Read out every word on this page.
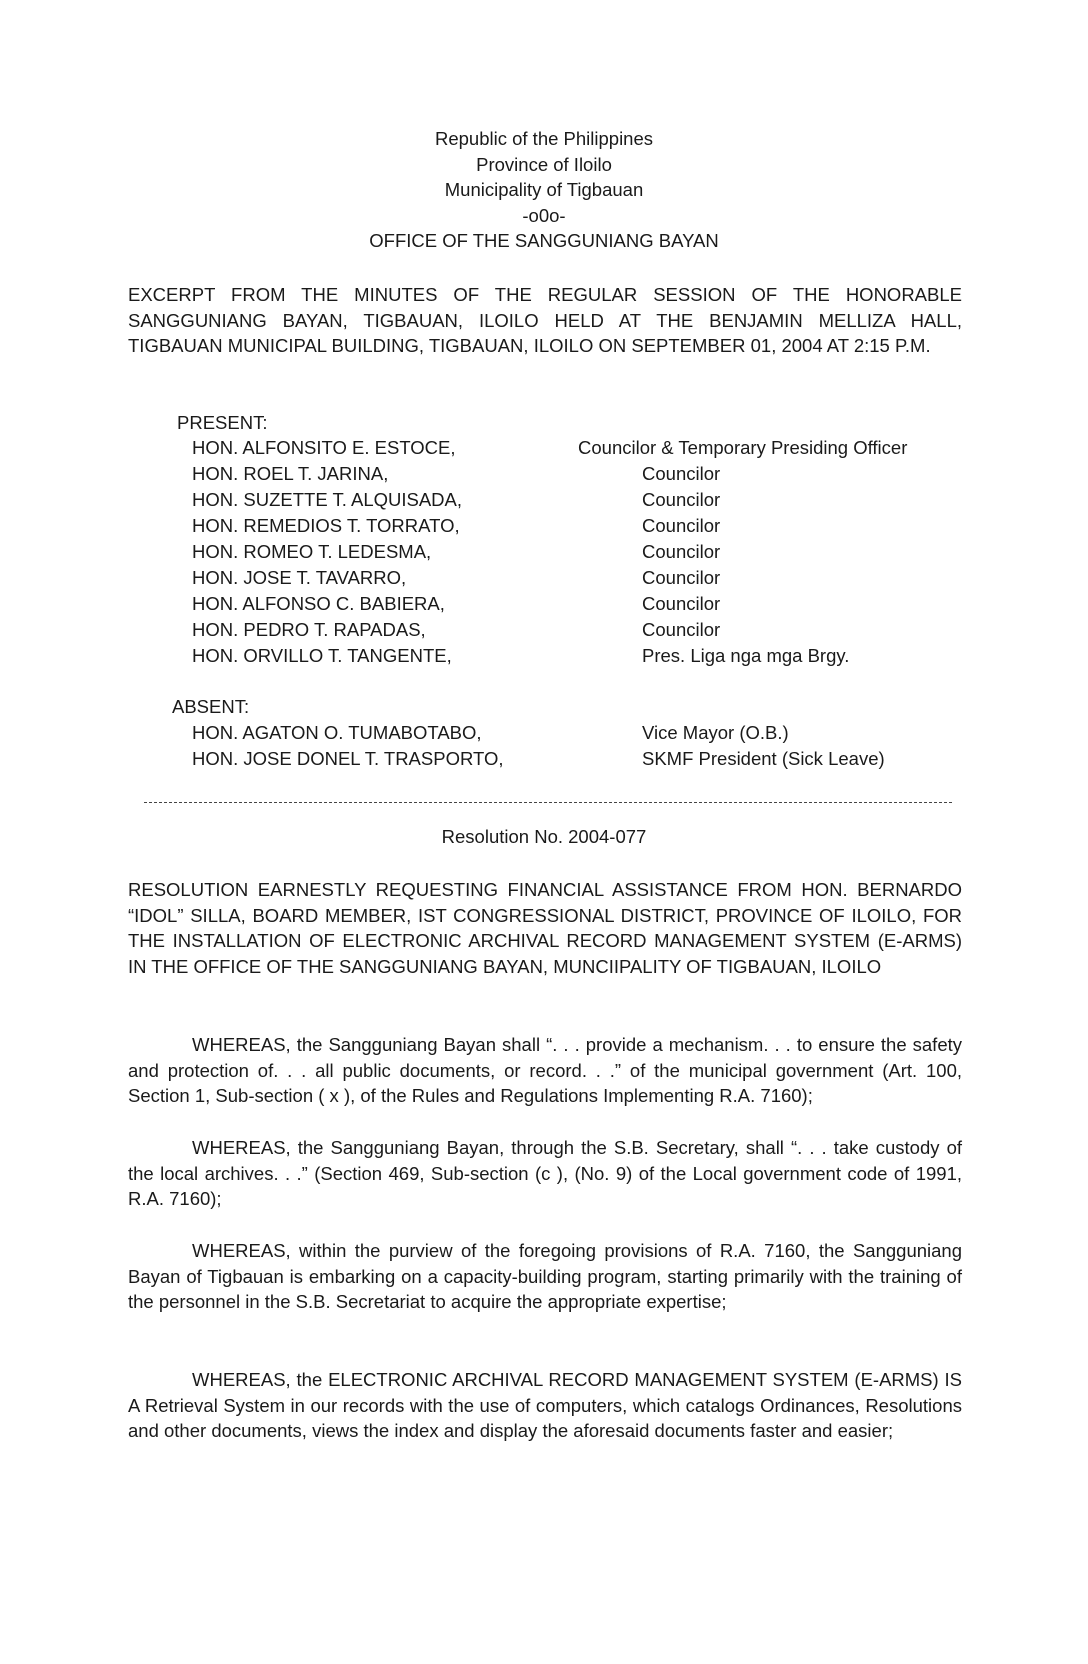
Republic of the Philippines
Province of Iloilo
Municipality of Tigbauan
-o0o-
OFFICE OF THE SANGGUNIANG BAYAN
EXCERPT FROM THE MINUTES OF THE REGULAR SESSION OF THE HONORABLE SANGGUNIANG BAYAN, TIGBAUAN, ILOILO HELD AT THE BENJAMIN MELLIZA HALL, TIGBAUAN MUNICIPAL BUILDING, TIGBAUAN, ILOILO ON SEPTEMBER 01, 2004 AT 2:15 P.M.
PRESENT:
HON. ALFONSITO E. ESTOCE,	Councilor & Temporary Presiding Officer
HON. ROEL T. JARINA,	Councilor
HON. SUZETTE T. ALQUISADA,	Councilor
HON. REMEDIOS T. TORRATO,	Councilor
HON. ROMEO T. LEDESMA,	Councilor
HON. JOSE T. TAVARRO,	Councilor
HON. ALFONSO C. BABIERA,	Councilor
HON. PEDRO T. RAPADAS,	Councilor
HON. ORVILLO T. TANGENTE,	Pres. Liga nga mga Brgy.
ABSENT:
HON. AGATON O. TUMABOTABO,	Vice Mayor (O.B.)
HON. JOSE DONEL T. TRASPORTO,	SKMF President (Sick Leave)
Resolution No. 2004-077
RESOLUTION EARNESTLY REQUESTING FINANCIAL ASSISTANCE FROM HON. BERNARDO “IDOL” SILLA, BOARD MEMBER, IST CONGRESSIONAL DISTRICT, PROVINCE OF ILOILO, FOR THE INSTALLATION OF ELECTRONIC ARCHIVAL RECORD MANAGEMENT SYSTEM (E-ARMS) IN THE OFFICE OF THE SANGGUNIANG BAYAN, MUNCIIPALITY OF TIGBAUAN, ILOILO
WHEREAS, the Sangguniang Bayan shall “. . . provide a mechanism. . . to ensure the safety and protection of. . . all public documents, or record. . .” of the municipal government (Art. 100, Section 1, Sub-section ( x ), of the Rules and Regulations Implementing R.A. 7160);
WHEREAS, the Sangguniang Bayan, through the S.B. Secretary, shall “. . . take custody of the local archives. . .” (Section 469, Sub-section (c ), (No. 9) of the Local government code of 1991, R.A. 7160);
WHEREAS, within the purview of the foregoing provisions of R.A. 7160, the Sangguniang Bayan of Tigbauan is embarking on a capacity-building program, starting primarily with the training of the personnel in the S.B. Secretariat to acquire the appropriate expertise;
WHEREAS, the ELECTRONIC ARCHIVAL RECORD MANAGEMENT SYSTEM (E-ARMS) IS A Retrieval System in our records with the use of computers, which catalogs Ordinances, Resolutions and other documents, views the index and display the aforesaid documents faster and easier;
